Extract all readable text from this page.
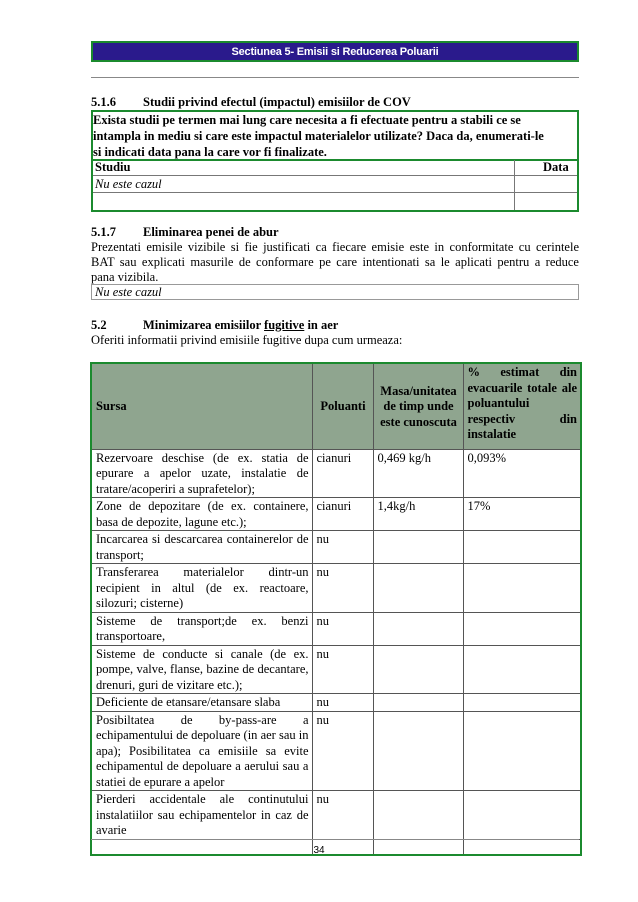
Sectiunea 5- Emisii si Reducerea Poluarii
5.1.6 Studii privind efectul (impactul) emisiilor de COV
Exista studii pe termen mai lung care necesita a fi efectuate pentru a stabili ce se
intampla in mediu si care este impactul materialelor utilizate? Daca da, enumerati-le
si indicati data pana la care vor fi finalizate.
Studiu	Data
Nu este cazul
5.1.7 Eliminarea penei de abur
Prezentati emisile vizibile si fie justificati ca fiecare emisie este in conformitate cu cerintele
BAT sau explicati masurile de conformare pe care intentionati sa le aplicati pentru a reduce
pana vizibila.
Nu este cazul
5.2	Minimizarea emisiilor fugitive in aer
Oferiti informatii privind emisiile fugitive dupa cum urmeaza:
Sursa	Poluanti	Masa/unitatea de timp unde este cunoscuta	% estimat din evacuarile totale ale poluantului respectiv din instalatie
Rezervoare deschise (de ex. statia de epurare a apelor uzate, instalatie de tratare/acoperiri a suprafetelor);	cianuri	0,469 kg/h	0,093%
Zone de depozitare (de ex. containere, basa de depozite, lagune etc.);	cianuri	1,4kg/h	17%
Incarcarea si descarcarea containerelor de transport;	nu		
Transferarea materialelor dintr-un recipient in altul (de ex. reactoare, silozuri; cisterne)	nu		
Sisteme de transport;de ex. benzi transportoare,	nu		
Sisteme de conducte si canale (de ex. pompe, valve, flanse, bazine de decantare, drenuri, guri de vizitare etc.);	nu		
Deficiente de etansare/etansare slaba	nu		
Posibiltatea de by-pass-are a echipamentului de depoluare (in aer sau in apa); Posibilitatea ca emisiile sa evite echipamentul de depoluare a aerului sau a statiei de epurare a apelor	nu		
Pierderi accidentale ale continutului instalatiilor sau echipamentelor in caz de avarie	nu		

34
